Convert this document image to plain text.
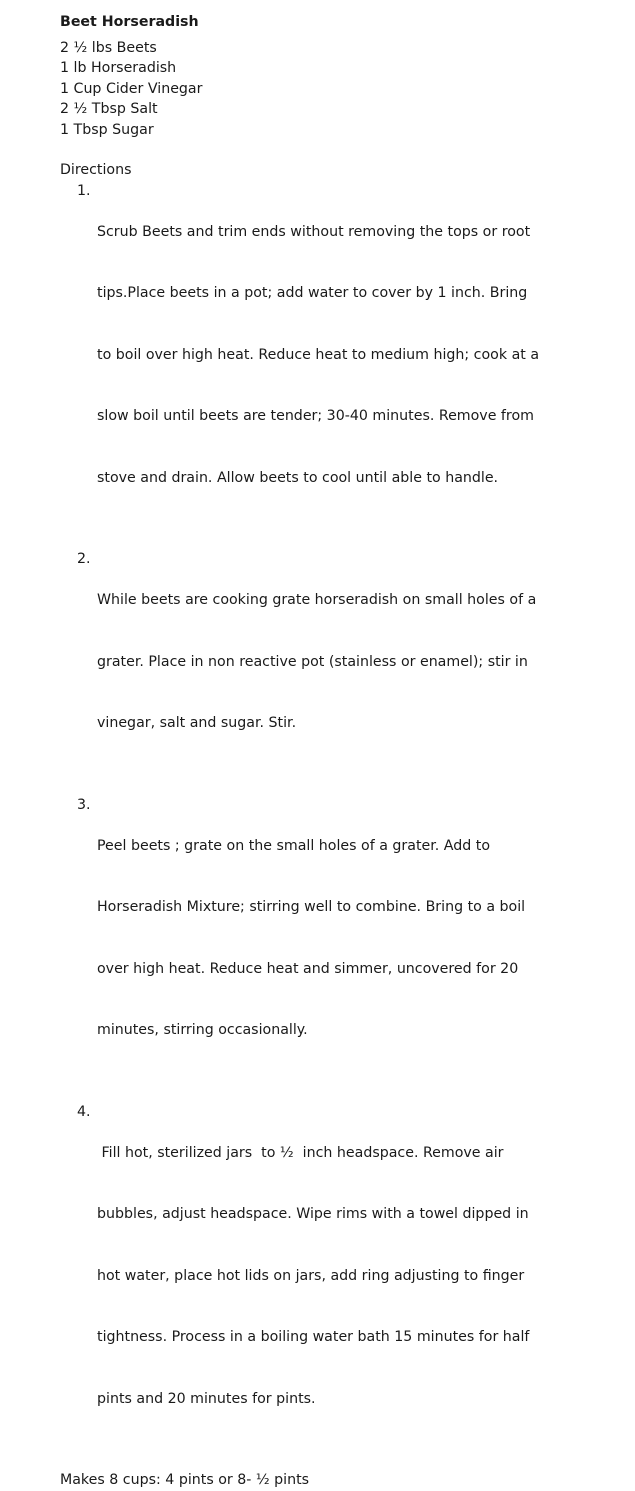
Beet Horseradish
2 ½ lbs Beets
1 lb Horseradish
1 Cup Cider Vinegar
2 ½ Tbsp Salt
1 Tbsp Sugar
Directions
1.

Scrub Beets and trim ends without removing the tops or root

tips.Place beets in a pot; add water to cover by 1 inch. Bring

to boil over high heat. Reduce heat to medium high; cook at a

slow boil until beets are tender; 30-40 minutes. Remove from

stove and drain. Allow beets to cool until able to handle.

2.

While beets are cooking grate horseradish on small holes of a

grater. Place in non reactive pot (stainless or enamel); stir in

vinegar, salt and sugar. Stir.

3.

Peel beets ; grate on the small holes of a grater. Add to

Horseradish Mixture; stirring well to combine. Bring to a boil

over high heat. Reduce heat and simmer, uncovered for 20

minutes, stirring occasionally.

4.

Fill hot, sterilized jars  to ½  inch headspace. Remove air

bubbles, adjust headspace. Wipe rims with a towel dipped in

hot water, place hot lids on jars, add ring adjusting to finger

tightness. Process in a boiling water bath 15 minutes for half

pints and 20 minutes for pints.

Makes 8 cups: 4 pints or 8- ½ pints
